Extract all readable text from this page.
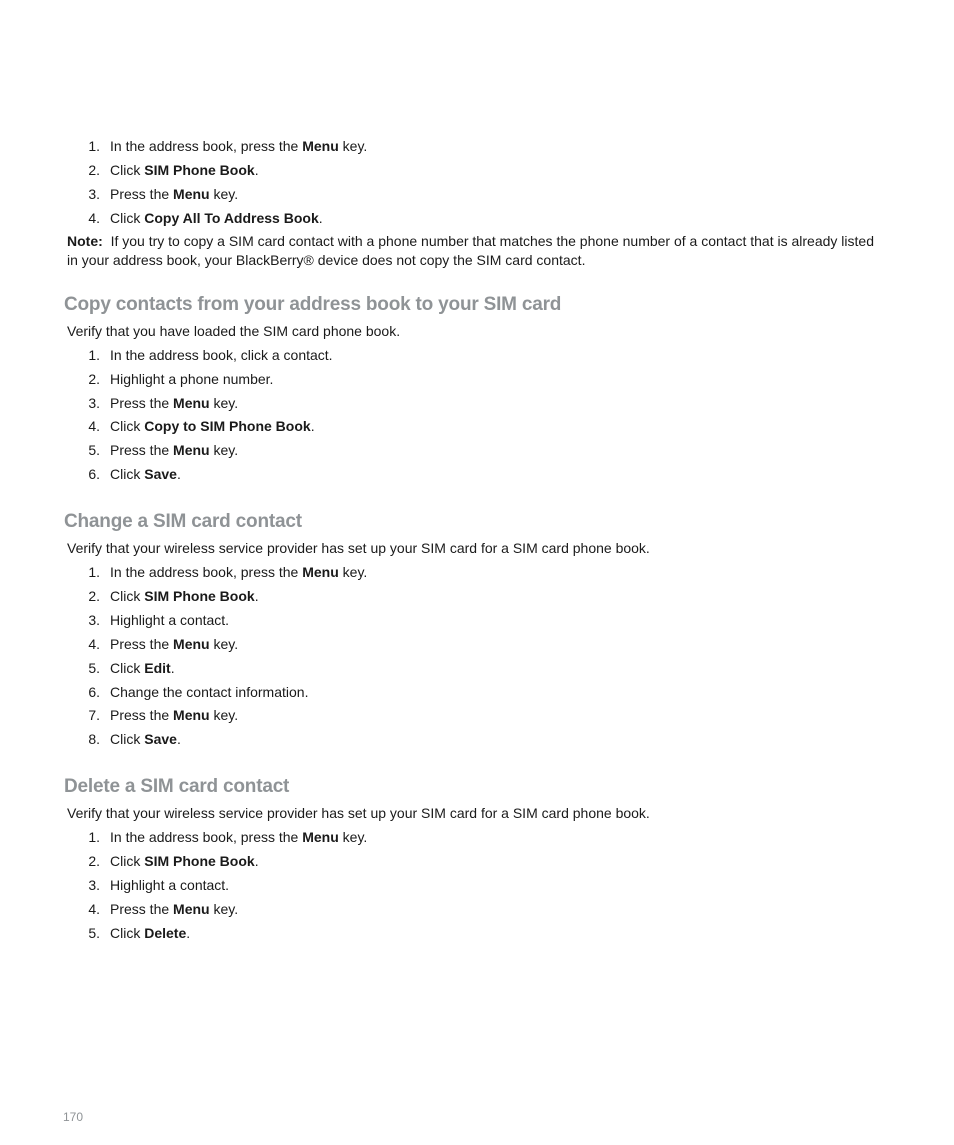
1. In the address book, press the Menu key.
2. Click SIM Phone Book.
3. Press the Menu key.
4. Click Copy All To Address Book.
Note: If you try to copy a SIM card contact with a phone number that matches the phone number of a contact that is already listed in your address book, your BlackBerry® device does not copy the SIM card contact.
Copy contacts from your address book to your SIM card
Verify that you have loaded the SIM card phone book.
1. In the address book, click a contact.
2. Highlight a phone number.
3. Press the Menu key.
4. Click Copy to SIM Phone Book.
5. Press the Menu key.
6. Click Save.
Change a SIM card contact
Verify that your wireless service provider has set up your SIM card for a SIM card phone book.
1. In the address book, press the Menu key.
2. Click SIM Phone Book.
3. Highlight a contact.
4. Press the Menu key.
5. Click Edit.
6. Change the contact information.
7. Press the Menu key.
8. Click Save.
Delete a SIM card contact
Verify that your wireless service provider has set up your SIM card for a SIM card phone book.
1. In the address book, press the Menu key.
2. Click SIM Phone Book.
3. Highlight a contact.
4. Press the Menu key.
5. Click Delete.
170
